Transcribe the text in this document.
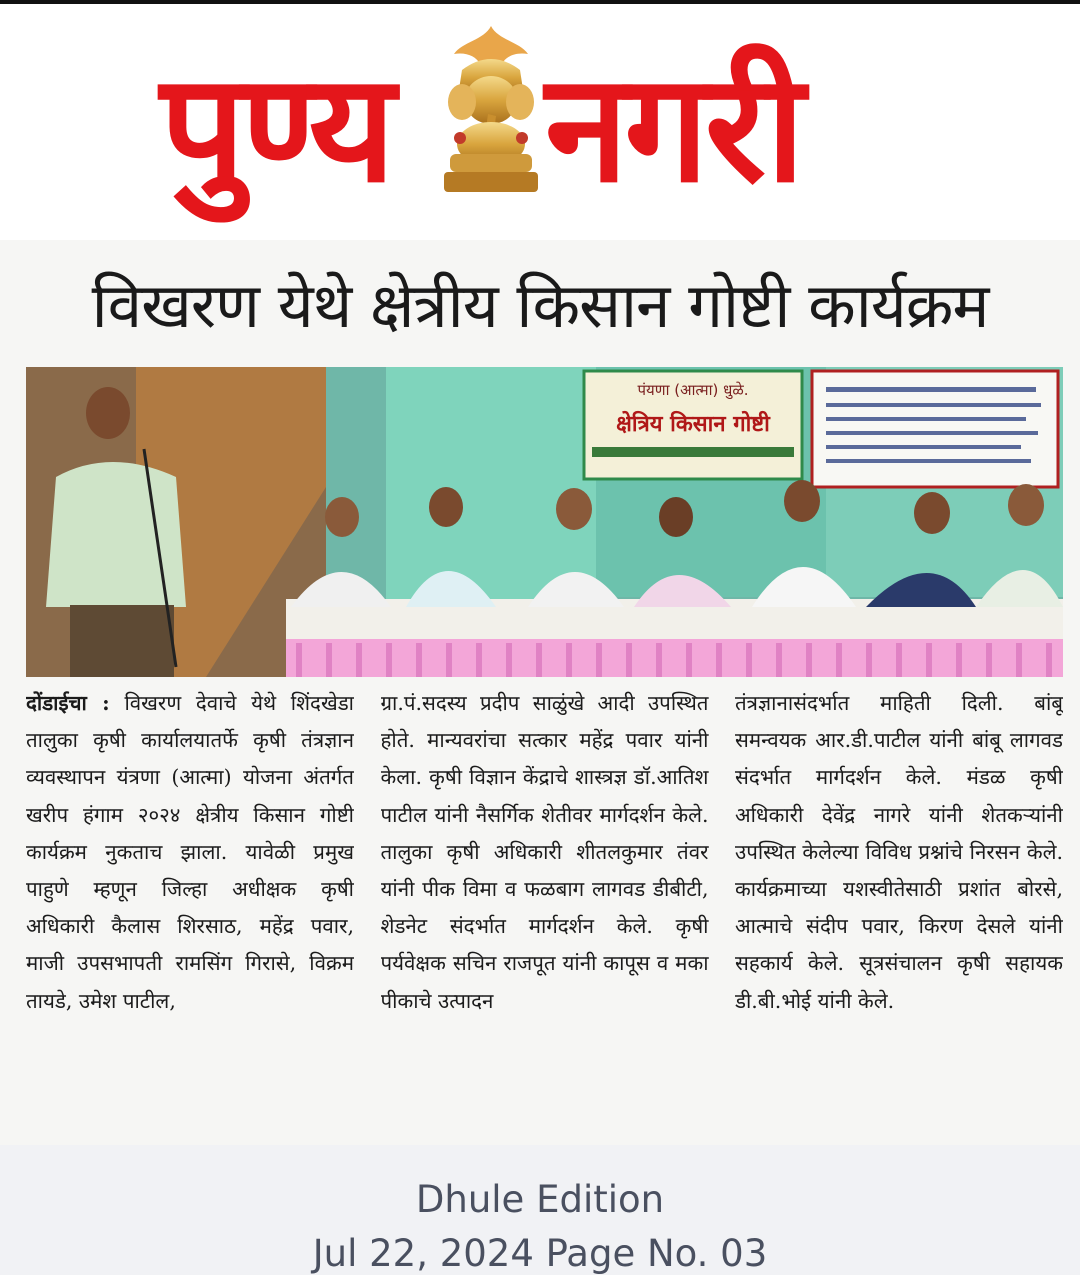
पुण्य नगरी
विखरण येथे क्षेत्रीय किसान गोष्टी कार्यक्रम
पंयणा (आत्मा) धुळे.
क्षेत्रिय किसान गोष्टी
दोंडाईचा : विखरण देवाचे येथे शिंदखेडा तालुका कृषी कार्यालयातर्फे कृषी तंत्रज्ञान व्यवस्थापन यंत्रणा (आत्मा) योजना अंतर्गत खरीप हंगाम २०२४ क्षेत्रीय किसान गोष्टी कार्यक्रम नुकताच झाला. यावेळी प्रमुख पाहुणे म्हणून जिल्हा अधीक्षक कृषी अधिकारी कैलास शिरसाठ, महेंद्र पवार, माजी उपसभापती रामसिंग गिरासे, विक्रम तायडे, उमेश पाटील,
ग्रा.पं.सदस्य प्रदीप साळुंखे आदी उपस्थित होते. मान्यवरांचा सत्कार महेंद्र पवार यांनी केला. कृषी विज्ञान केंद्राचे शास्त्रज्ञ डॉ.आतिश पाटील यांनी नैसर्गिक शेतीवर मार्गदर्शन केले. तालुका कृषी अधिकारी शीतलकुमार तंवर यांनी पीक विमा व फळबाग लागवड डीबीटी, शेडनेट संदर्भात मार्गदर्शन केले. कृषी पर्यवेक्षक सचिन राजपूत यांनी कापूस व मका पीकाचे उत्पादन
तंत्रज्ञानासंदर्भात माहिती दिली. बांबू समन्वयक आर.डी.पाटील यांनी बांबू लागवड संदर्भात मार्गदर्शन केले. मंडळ कृषी अधिकारी देवेंद्र नागरे यांनी शेतकऱ्यांनी उपस्थित केलेल्या विविध प्रश्नांचे निरसन केले. कार्यक्रमाच्या यशस्वीतेसाठी प्रशांत बोरसे, आत्माचे संदीप पवार, किरण देसले यांनी सहकार्य केले. सूत्रसंचालन कृषी सहायक डी.बी.भोई यांनी केले.
Dhule Edition
Jul 22, 2024 Page No. 03
